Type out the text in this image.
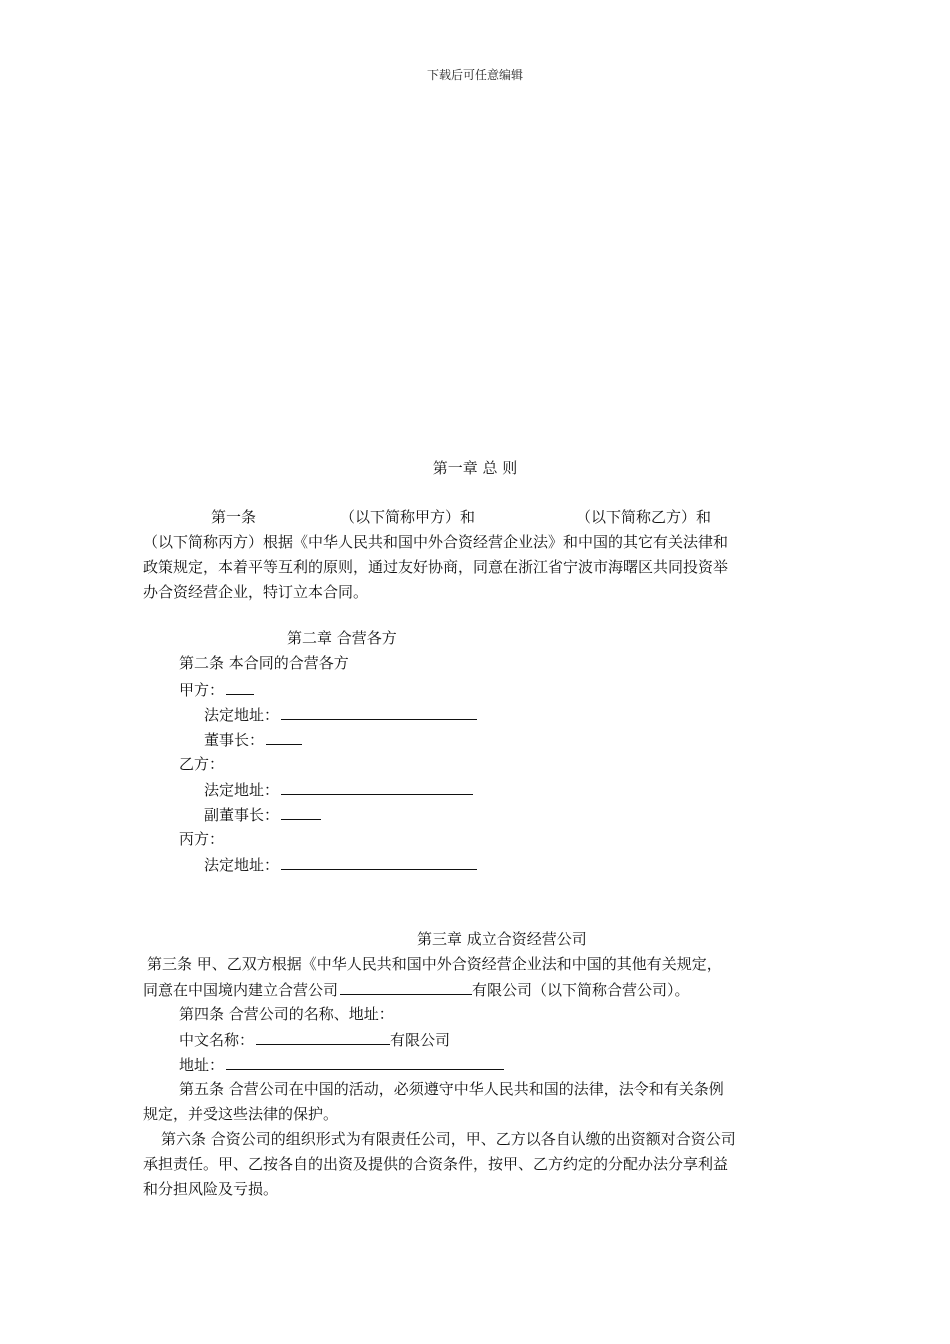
下载后可任意编辑
第一章 总 则
第一条	（以下简称甲方）和	（以下简称乙方）和
（以下简称丙方）根据《中华人民共和国中外合资经营企业法》和中国的其它有关法律和
政策规定，本着平等互利的原则，通过友好协商，同意在浙江省宁波市海曙区共同投资举
办合资经营企业，特订立本合同。
第二章 合营各方
第二条 本合同的合营各方
甲方：
法定地址：
董事长：
乙方：
法定地址：
副董事长：
丙方：
法定地址：
第三章 成立合资经营公司
第三条 甲、乙双方根据《中华人民共和国中外合资经营企业法和中国的其他有关规定，
同意在中国境内建立合营公司	有限公司（以下简称合营公司）。
第四条 合营公司的名称、地址：
中文名称：	有限公司
地址：
第五条 合营公司在中国的活动，必须遵守中华人民共和国的法律，法令和有关条例
规定，并受这些法律的保护。
第六条 合资公司的组织形式为有限责任公司，甲、乙方以各自认缴的出资额对合资公司
承担责任。甲、乙按各自的出资及提供的合资条件，按甲、乙方约定的分配办法分享利益
和分担风险及亏损。
